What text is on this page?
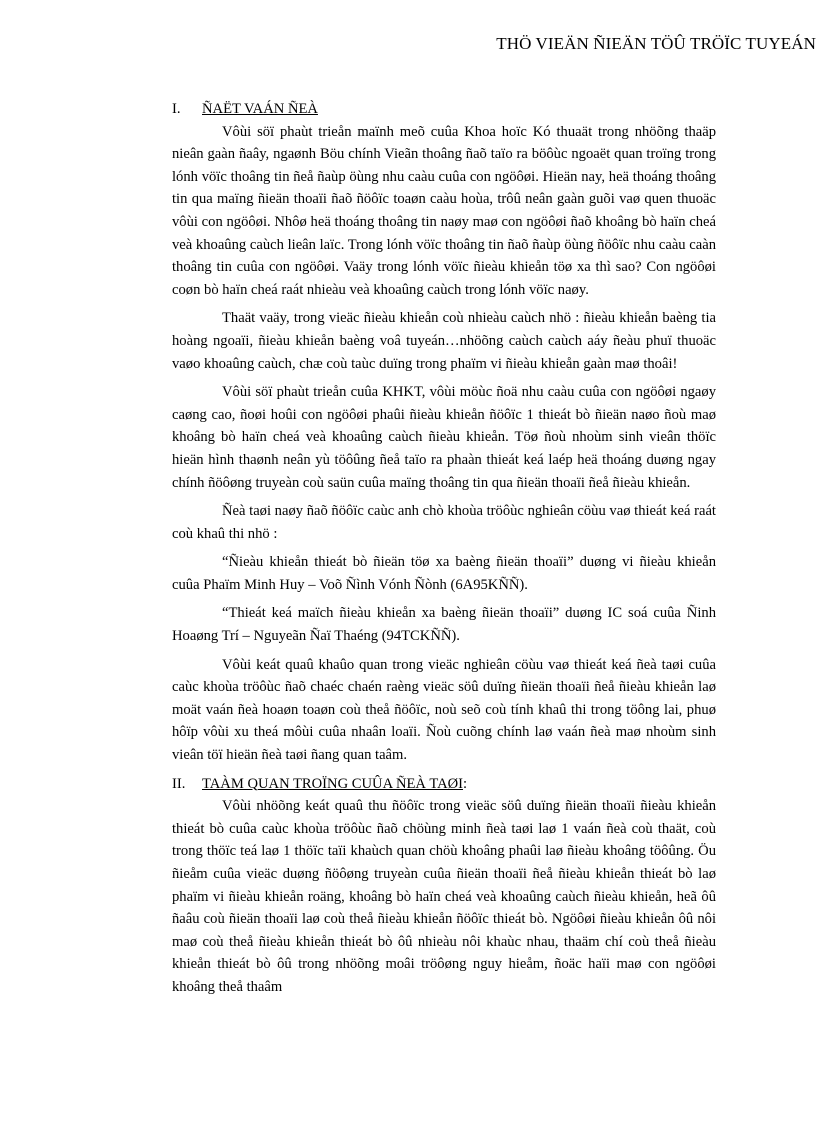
THÖ VIEÄN ÑIEÄN TÖÛ TRÖÏC TUYEÁN
I.	ÑAËT VAÁN ÑEÀ

Vôùi söï phaùt trieån maïnh meõ cuûa Khoa hoïc Kó thuaät trong nhöõng thaäp nieân gaàn ñaây, ngaønh Böu chính Vieãn thoâng ñaõ taïo ra böôùc ngoaët quan troïng trong lónh vöïc thoâng tin ñeå ñaùp öùng nhu caàu cuûa con ngöôøi. Hieän nay, heä thoáng thoâng tin qua maïng ñieän thoaïi ñaõ ñöôïc toaøn caàu hoùa, trôû neân gaàn guõi vaø quen thuoäc vôùi con ngöôøi. Nhôø heä thoáng thoâng tin naøy maø con ngöôøi ñaõ khoâng bò haïn cheá veà khoaûng caùch lieân laïc. Trong lónh vöïc thoâng tin ñaõ ñaùp öùng ñöôïc nhu caàu caàn thoâng tin cuûa con ngöôøi. Vaäy trong lónh vöïc ñieàu khieån töø xa thì sao? Con ngöôøi coøn bò haïn cheá raát nhieàu veà khoaûng caùch trong lónh vöïc naøy.

Thaät vaäy, trong vieäc ñieàu khieån coù nhieàu caùch nhö : ñieàu khieån baèng tia hoàng ngoaïi, ñieàu khieån baèng voâ tuyeán…nhöõng caùch caùch aáy ñeàu phuï thuoäc vaøo khoaûng caùch, chæ coù taùc duïng trong phaïm vi ñieàu khieån gaàn maø thoâi!

Vôùi söï phaùt trieån cuûa KHKT, vôùi möùc ñoä nhu caàu cuûa con ngöôøi ngaøy caøng cao, ñoøi hoûi con ngöôøi phaûi ñieàu khieån ñöôïc 1 thieát bò ñieän naøo ñoù maø khoâng bò haïn cheá veà khoaûng caùch ñieàu khieån. Töø ñoù nhoùm sinh vieân thöïc hieän hình thaønh neân yù töôûng ñeå taïo ra phaàn thieát keá laép heä thoáng duøng ngay chính ñöôøng truyeàn coù saün cuûa maïng thoâng tin qua ñieän thoaïi ñeå ñieàu khieån.

Ñeà taøi naøy ñaõ ñöôïc caùc anh chò khoùa tröôùc nghieân cöùu vaø thieát keá raát coù khaû thi nhö :

“Ñieàu khieån thieát bò ñieän töø xa baèng ñieän thoaïi” duøng vi ñieàu khieån cuûa Phaïm Minh Huy – Voõ Ñình Vónh Ñònh (6A95KÑÑ).

“Thieát keá maïch ñieàu khieån xa baèng ñieän thoaïi” duøng IC soá cuûa Ñinh Hoaøng Trí – Nguyeãn Ñaï Thaéng (94TCKÑÑ).

Vôùi keát quaû khaûo quan trong vieäc nghieân cöùu vaø thieát keá ñeà taøi cuûa caùc khoùa tröôùc ñaõ chaéc chaén raèng vieäc söû duïng ñieän thoaïi ñeå ñieàu khieån laø moät vaán ñeà hoaøn toaøn coù theå ñöôïc, noù seõ coù tính khaû thi trong töông lai, phuø hôïp vôùi xu theá môùi cuûa nhaân loaïi. Ñoù cuõng chính laø vaán ñeà maø nhoùm sinh vieân töï hieän ñeà taøi ñang quan taâm.

II.	TAÀM QUAN TROÏNG CUÛA ÑEÀ TAØI:

Vôùi nhöõng keát quaû thu ñöôïc trong vieäc söû duïng ñieän thoaïi ñieàu khieån thieát bò cuûa caùc khoùa tröôùc ñaõ chöùng minh ñeà taøi laø 1 vaán ñeà coù thaät, coù trong thöïc teá laø 1 thöïc taïi khaùch quan chöù khoâng phaûi laø ñieàu khoâng töôûng. Öu ñieåm cuûa vieäc duøng ñöôøng truyeàn cuûa ñieän thoaïi ñeå ñieàu khieån thieát bò laø phaïm vi ñieàu khieån roäng, khoâng bò haïn cheá veà khoaûng caùch ñieàu khieån, heã ôû ñaâu coù ñieän thoaïi laø coù theå ñieàu khieån ñöôïc thieát bò. Ngöôøi ñieàu khieån ôû nôi maø coù theå ñieàu khieån thieát bò ôû nhieàu nôi khaùc nhau, thaäm chí coù theå ñieàu khieån thieát bò ôû trong nhöõng moâi tröôøng nguy hieåm, ñoäc haïi maø con ngöôøi khoâng theå thaâm
